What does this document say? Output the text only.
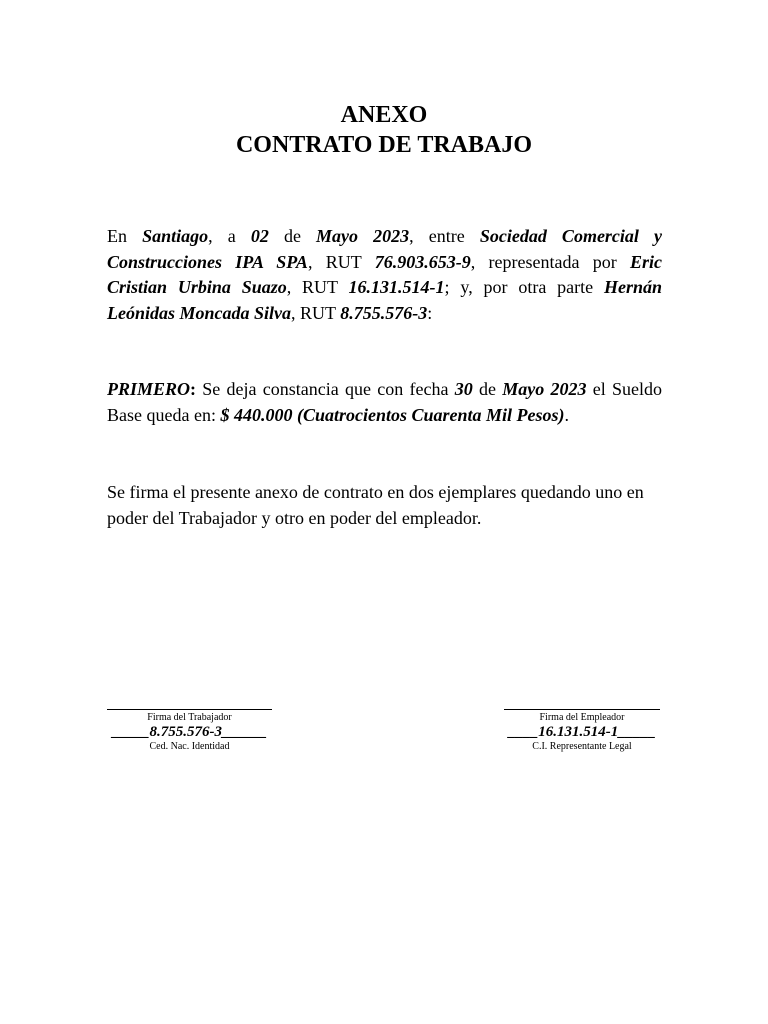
ANEXO
CONTRATO DE TRABAJO

En Santiago, a 02 de Mayo 2023, entre Sociedad Comercial y Construcciones IPA SPA, RUT 76.903.653-9, representada por Eric Cristian Urbina Suazo, RUT 16.131.514-1; y, por otra parte Hernán Leónidas Moncada Silva, RUT 8.755.576-3:

PRIMERO: Se deja constancia que con fecha 30 de Mayo 2023 el Sueldo Base queda en: $ 440.000 (Cuatrocientos Cuarenta Mil Pesos).

Se firma el presente anexo de contrato en dos ejemplares quedando uno en poder del Trabajador y otro en poder del empleador.

Firma del Trabajador
_____8.755.576-3______
Ced. Nac. Identidad
Firma del Empleador
____16.131.514-1_____
C.I. Representante Legal
